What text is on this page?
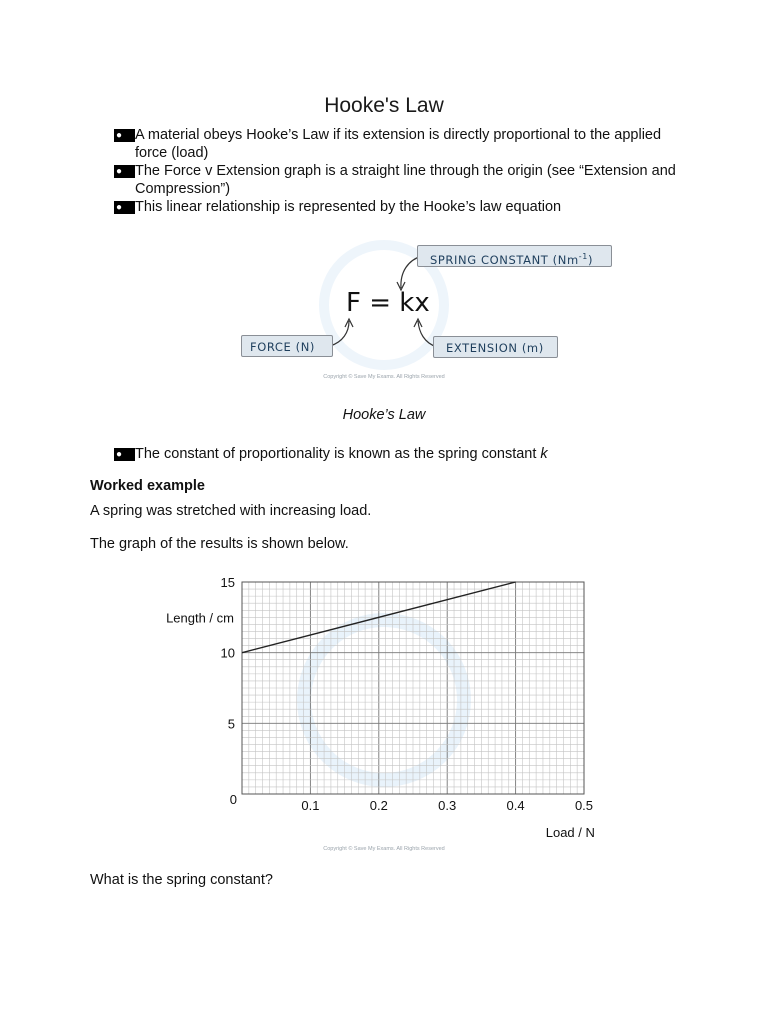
Hooke's Law
● A material obeys Hooke’s Law if its extension is directly proportional to the applied force (load)
● The Force v Extension graph is a straight line through the origin (see “Extension and Compression”)
● This linear relationship is represented by the Hooke’s law equation
F = kx
SPRING CONSTANT $(Nm^{-1})$
FORCE (N)	EXTENSION (m)
Copyright © Save My Exams. All Rights Reserved
Hooke’s Law
● The constant of proportionality is known as the spring constant k
Worked example
A spring was stretched with increasing load.
The graph of the results is shown below.
0.1	0.2	0.3	0.4	0.5
0
5
10
15
Length / cm
Load / N
Copyright © Save My Exams. All Rights Reserved
What is the spring constant?
